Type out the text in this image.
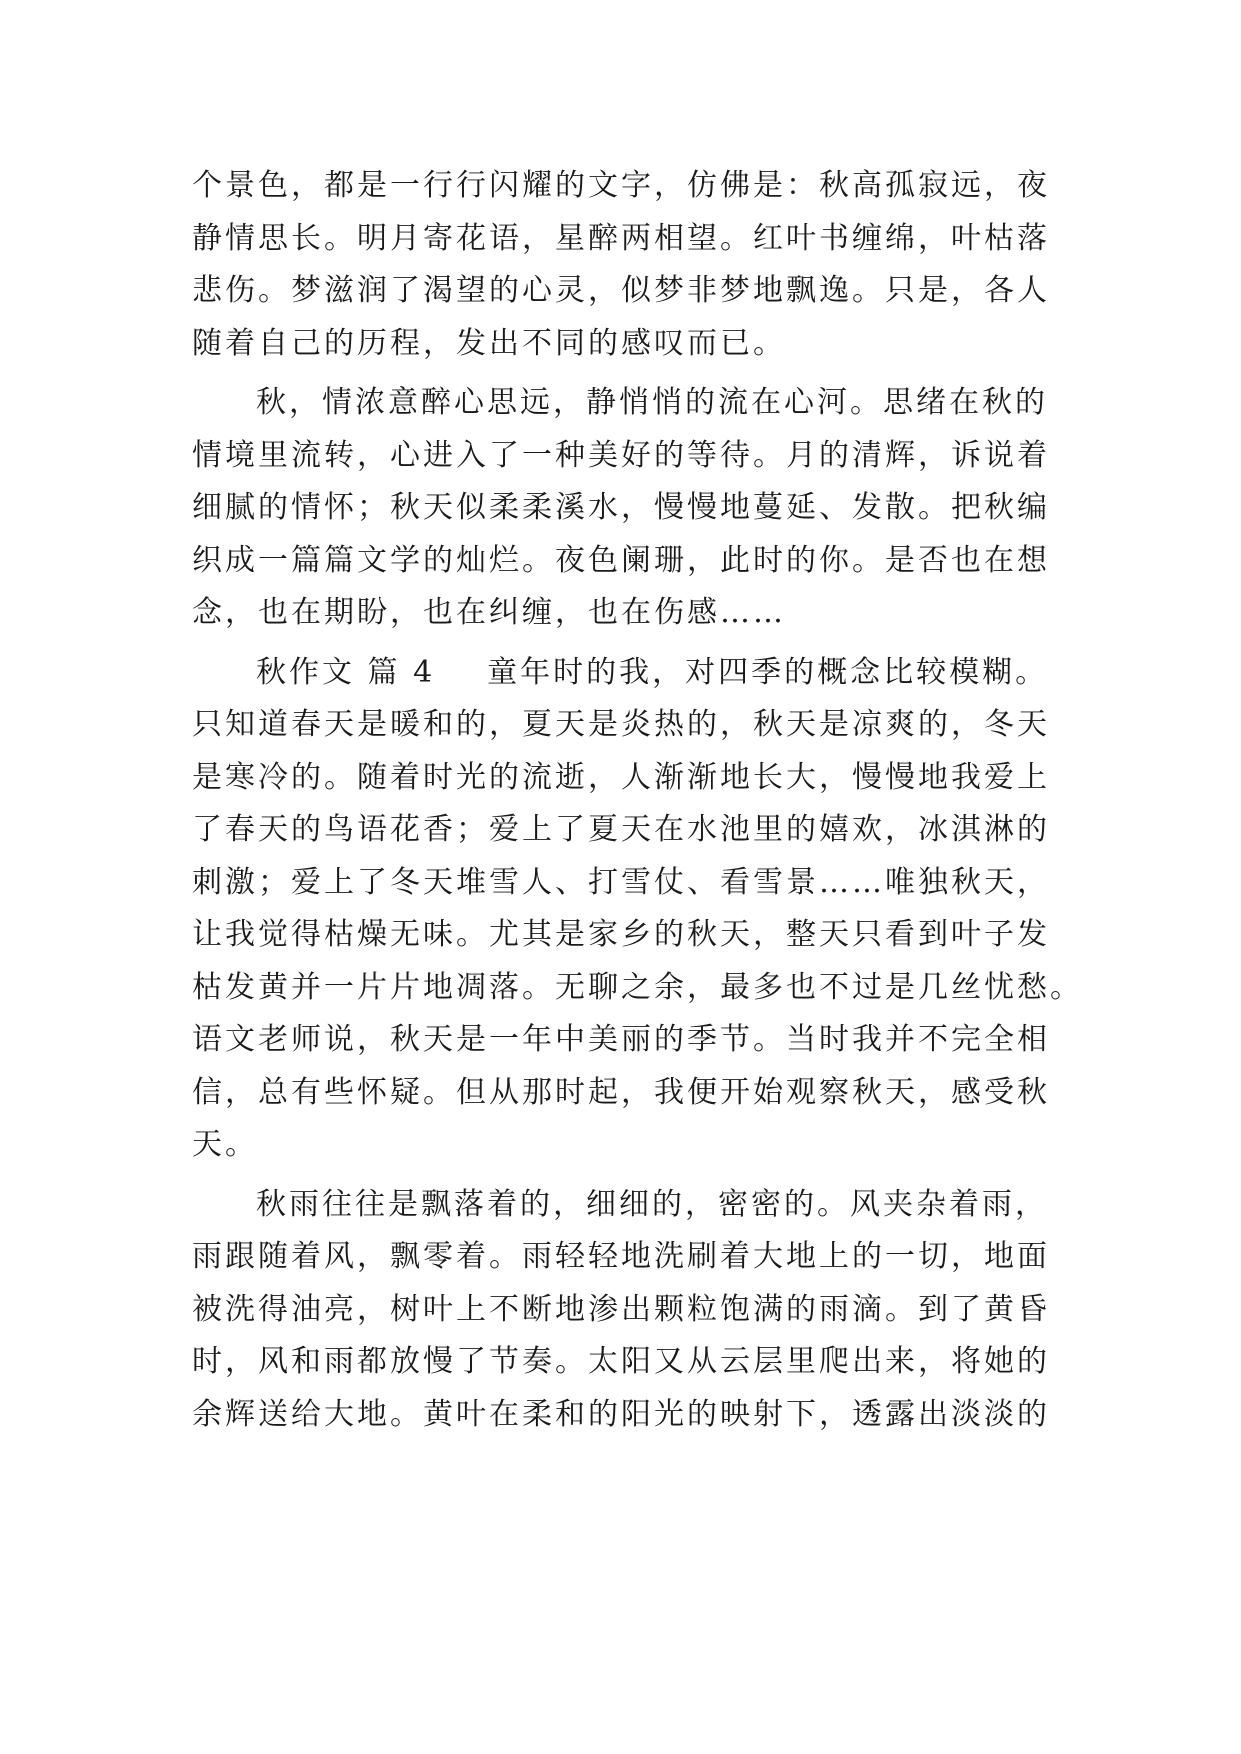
个景色，都是一行行闪耀的文字，仿佛是：秋高孤寂远，夜
静情思长。明月寄花语，星醉两相望。红叶书缠绵，叶枯落
悲伤。梦滋润了渴望的心灵，似梦非梦地飘逸。只是，各人
随着自己的历程，发出不同的感叹而已。
秋，情浓意醉心思远，静悄悄的流在心河。思绪在秋的
情境里流转，心进入了一种美好的等待。月的清辉，诉说着
细腻的情怀；秋天似柔柔溪水，慢慢地蔓延、发散。把秋编
织成一篇篇文学的灿烂。夜色阑珊，此时的你。是否也在想
念，也在期盼，也在纠缠，也在伤感……
秋作文 篇 4 童年时的我，对四季的概念比较模糊。
只知道春天是暖和的，夏天是炎热的，秋天是凉爽的，冬天
是寒冷的。随着时光的流逝，人渐渐地长大，慢慢地我爱上
了春天的鸟语花香；爱上了夏天在水池里的嬉欢，冰淇淋的
刺激；爱上了冬天堆雪人、打雪仗、看雪景……唯独秋天，
让我觉得枯燥无味。尤其是家乡的秋天，整天只看到叶子发
枯发黄并一片片地凋落。无聊之余，最多也不过是几丝忧愁。
语文老师说，秋天是一年中美丽的季节。当时我并不完全相
信，总有些怀疑。但从那时起，我便开始观察秋天，感受秋
天。
秋雨往往是飘落着的，细细的，密密的。风夹杂着雨，
雨跟随着风，飘零着。雨轻轻地洗刷着大地上的一切，地面
被洗得油亮，树叶上不断地渗出颗粒饱满的雨滴。到了黄昏
时，风和雨都放慢了节奏。太阳又从云层里爬出来，将她的
余辉送给大地。黄叶在柔和的阳光的映射下，透露出淡淡的
